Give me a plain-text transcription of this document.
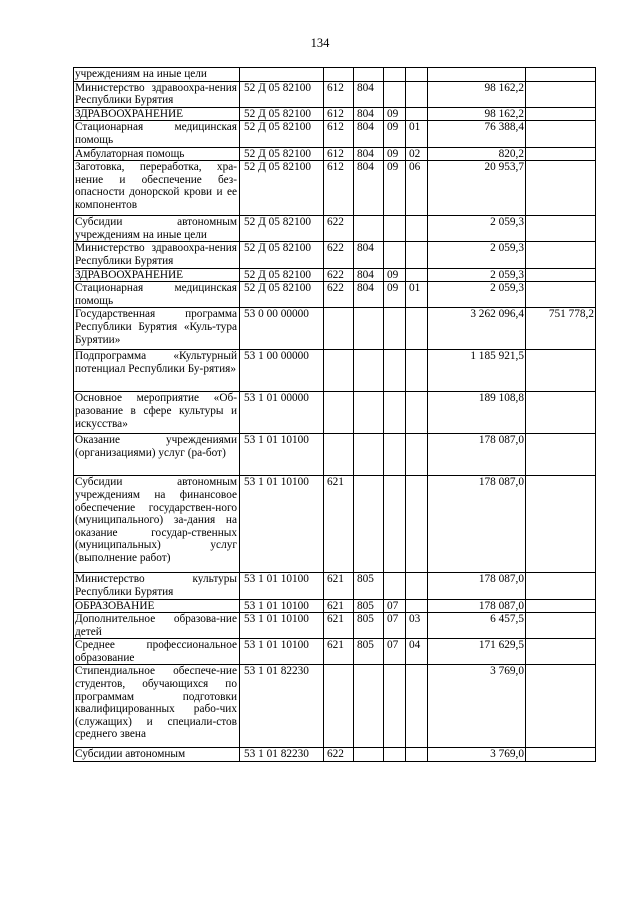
134
учреждениям на иные цели							
Министерство здравоохра-нения Республики Бурятия	52 Д 05 82100	612	804			98 162,2	
ЗДРАВООХРАНЕНИЕ	52 Д 05 82100	612	804	09		98 162,2	
Стационарная медицинская помощь	52 Д 05 82100	612	804	09	01	76 388,4	
Амбулаторная помощь	52 Д 05 82100	612	804	09	02	820,2	
Заготовка, переработка, хра-нение и обеспечение без-опасности донорской крови и ее компонентов	52 Д 05 82100	612	804	09	06	20 953,7	
Субсидии автономным учреждениям на иные цели	52 Д 05 82100	622				2 059,3	
Министерство здравоохра-нения Республики Бурятия	52 Д 05 82100	622	804			2 059,3	
ЗДРАВООХРАНЕНИЕ	52 Д 05 82100	622	804	09		2 059,3	
Стационарная медицинская помощь	52 Д 05 82100	622	804	09	01	2 059,3	
Государственная программа Республики Бурятия «Куль-тура Бурятии»	53 0 00 00000					3 262 096,4	751 778,2
Подпрограмма «Культурный потенциал Республики Бу-рятия»	53 1 00 00000					1 185 921,5	
Основное мероприятие «Об-разование в сфере культуры и искусства»	53 1 01 00000					189 108,8	
Оказание учреждениями (организациями) услуг (ра-бот)	53 1 01 10100					178 087,0	
Субсидии автономным учреждениям на финансовое обеспечение государствен-ного (муниципального) за-дания на оказание государ-ственных (муниципальных) услуг (выполнение работ)	53 1 01 10100	621				178 087,0	
Министерство культуры Республики Бурятия	53 1 01 10100	621	805			178 087,0	
ОБРАЗОВАНИЕ	53 1 01 10100	621	805	07		178 087,0	
Дополнительное образова-ние детей	53 1 01 10100	621	805	07	03	6 457,5	
Среднее профессиональное образование	53 1 01 10100	621	805	07	04	171 629,5	
Стипендиальное обеспече-ние студентов, обучающихся по программам подготовки квалифицированных рабо-чих (служащих) и специали-стов среднего звена	53 1 01 82230					3 769,0	
Субсидии автономным	53 1 01 82230	622				3 769,0	
